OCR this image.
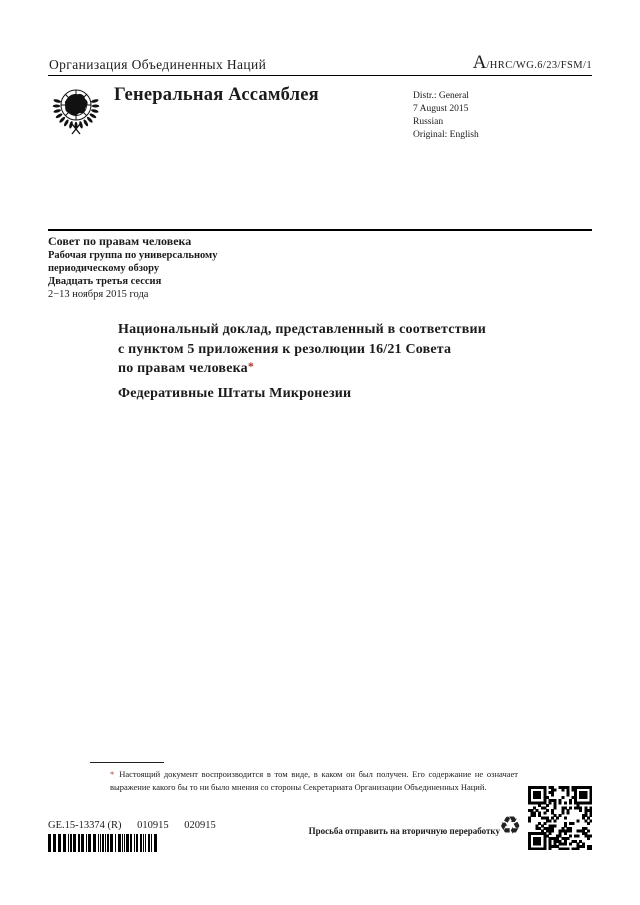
Организация Объединенных Наций	A/HRC/WG.6/23/FSM/1
Генеральная Ассамблея	Distr.: General
7 August 2015
Russian
Original: English
Совет по правам человека
Рабочая группа по универсальному
периодическому обзору
Двадцать третья сессия
2−13 ноября 2015 года
Национальный доклад, представленный в соответствии
с пунктом 5 приложения к резолюции 16/21 Совета
по правам человека*
Федеративные Штаты Микронезии
* Настоящий документ воспроизводится в том виде, в каком он был получен. Его содержание не означает выражение какого бы то ни было мнения со стороны Секретариата Организации Объединенных Наций.
GE.15-13374 (R) 010915 020915	Просьба отправить на вторичную переработку ♻
